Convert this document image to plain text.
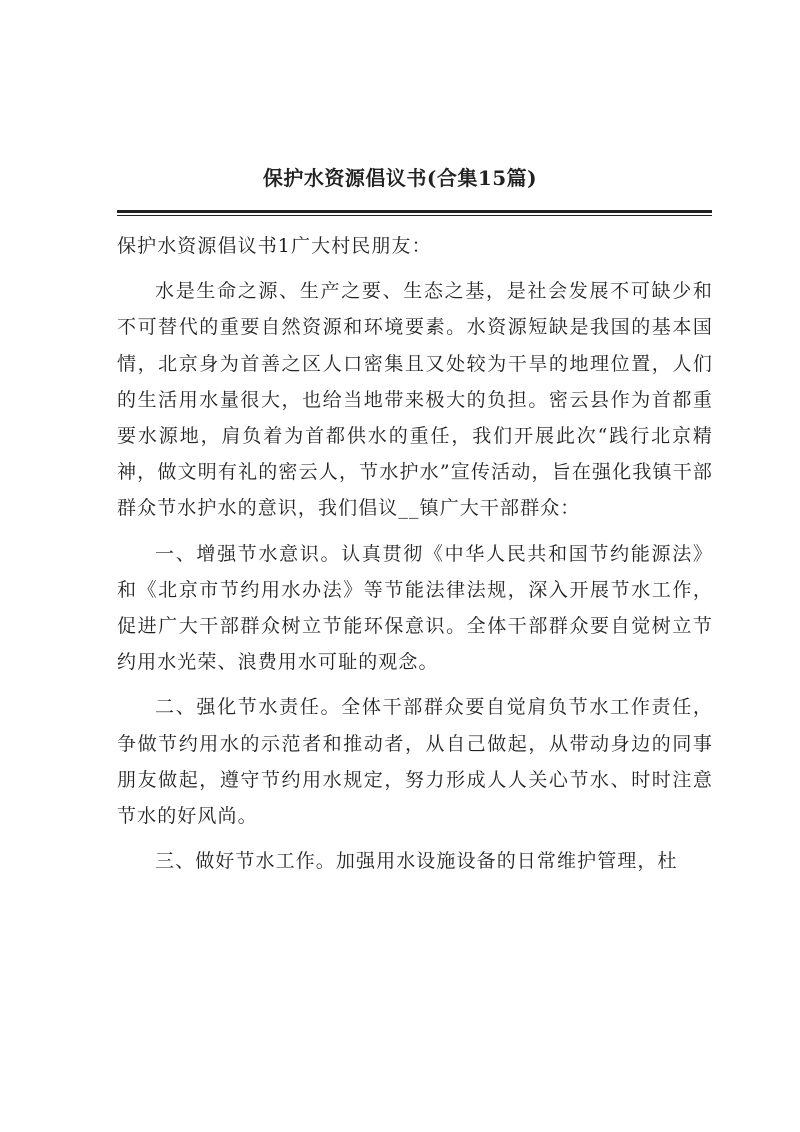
保护水资源倡议书(合集15篇)

保护水资源倡议书1广大村民朋友：

水是生命之源、生产之要、生态之基，是社会发展不可缺少和不可替代的重要自然资源和环境要素。水资源短缺是我国的基本国情，北京身为首善之区人口密集且又处较为干旱的地理位置，人们的生活用水量很大，也给当地带来极大的负担。密云县作为首都重要水源地，肩负着为首都供水的重任，我们开展此次“践行北京精神，做文明有礼的密云人，节水护水”宣传活动，旨在强化我镇干部群众节水护水的意识，我们倡议__镇广大干部群众：

一、增强节水意识。认真贯彻《中华人民共和国节约能源法》和《北京市节约用水办法》等节能法律法规，深入开展节水工作，促进广大干部群众树立节能环保意识。全体干部群众要自觉树立节约用水光荣、浪费用水可耻的观念。

二、强化节水责任。全体干部群众要自觉肩负节水工作责任，争做节约用水的示范者和推动者，从自己做起，从带动身边的同事朋友做起，遵守节约用水规定，努力形成人人关心节水、时时注意节水的好风尚。

三、做好节水工作。加强用水设施设备的日常维护管理，杜
